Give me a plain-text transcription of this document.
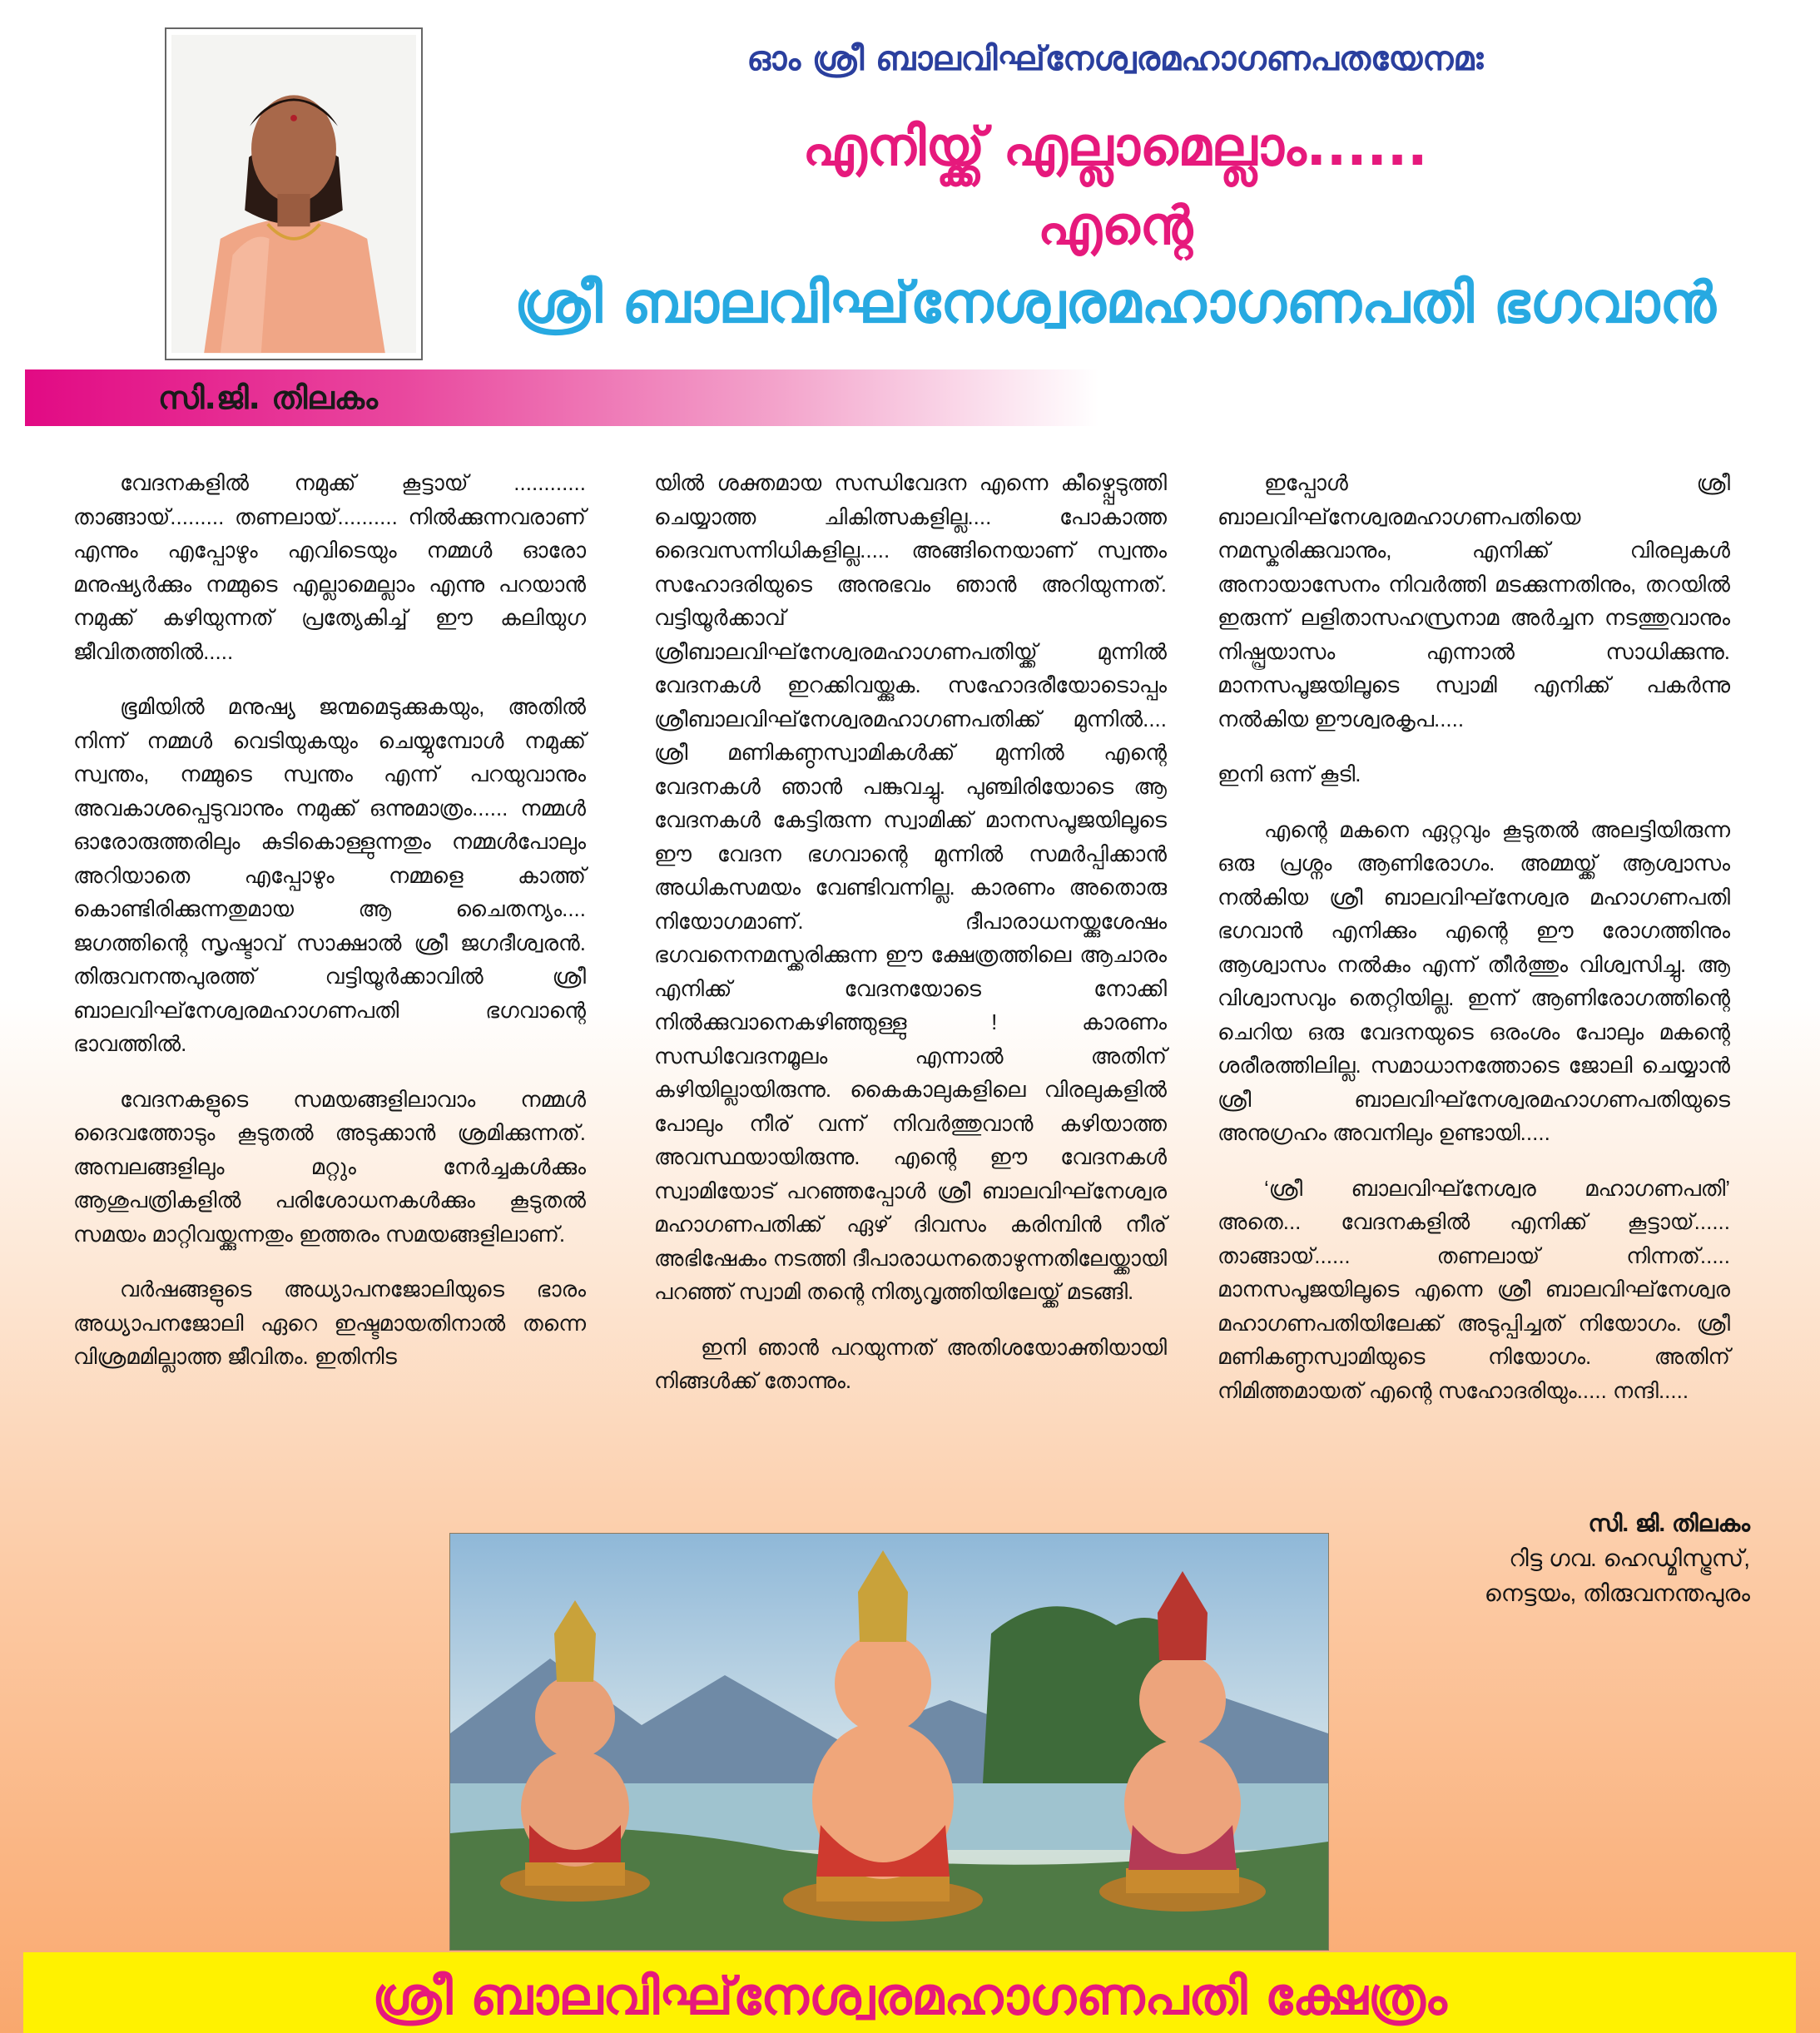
ഓം ശ്രീ ബാലവിഘ്‌നേശ്വരമഹാഗണപതയേനമഃ

എനിയ്ക്ക് എല്ലാമെല്ലാം......

എന്റെ

ശ്രീ ബാലവിഘ്‌നേശ്വരമഹാഗണപതി ഭഗവാൻ

സി.ജി. തിലകം

വേദനകളിൽ നമുക്ക് കൂട്ടായ് ............ താങ്ങായ്......... തണലായ്.......... നിൽക്കുന്നവരാണ് എന്നും എപ്പോഴും എവിടെയും നമ്മൾ ഓരോ മനുഷ്യർക്കും നമ്മുടെ എല്ലാമെല്ലാം എന്നു പറയാൻ നമുക്ക് കഴിയുന്നത് പ്രത്യേകിച്ച് ഈ കലിയുഗ ജീവിതത്തിൽ.....

ഭൂമിയിൽ മനുഷ്യ ജന്മമെടുക്കുകയും, അതിൽ നിന്ന് നമ്മൾ വെടിയുകയും ചെയ്യുമ്പോൾ നമുക്ക് സ്വന്തം, നമ്മുടെ സ്വന്തം എന്ന് പറയുവാനും അവകാശപ്പെടുവാനും നമുക്ക് ഒന്നുമാത്രം...... നമ്മൾ ഓരോരുത്തരിലും കുടികൊള്ളുന്നതും നമ്മൾപോലും അറിയാതെ എപ്പോഴും നമ്മളെ കാത്ത് കൊണ്ടിരിക്കുന്നതുമായ ആ ചൈതന്യം.... ജഗത്തിന്റെ സൃഷ്ടാവ് സാക്ഷാൽ ശ്രീ ജഗദീശ്വരൻ. തിരുവനന്തപുരത്ത് വട്ടിയൂർക്കാവിൽ ശ്രീ ബാലവിഘ്‌നേശ്വരമഹാഗണപതി ഭഗവാന്റെ ഭാവത്തിൽ.

വേദനകളുടെ സമയങ്ങളിലാവാം നമ്മൾ ദൈവത്തോടും കൂടുതൽ അടുക്കാൻ ശ്രമിക്കുന്നത്. അമ്പലങ്ങളിലും മറ്റും നേർച്ചകൾക്കും ആശുപത്രികളിൽ പരിശോധനകൾക്കും കൂടുതൽ സമയം മാറ്റിവയ്ക്കുന്നതും ഇത്തരം സമയങ്ങളിലാണ്.

വർഷങ്ങളുടെ അധ്യാപനജോലിയുടെ ഭാരം അധ്യാപനജോലി ഏറെ ഇഷ്ടമായതിനാൽ തന്നെ വിശ്രമമില്ലാത്ത ജീവിതം. ഇതിനിട

യിൽ ശക്തമായ സന്ധിവേദന എന്നെ കീഴ്പ്പെടുത്തി ചെയ്യാത്ത ചികിത്സകളില്ല.... പോകാത്ത ദൈവസന്നിധികളില്ല..... അങ്ങിനെയാണ് സ്വന്തം സഹോദരിയുടെ അനുഭവം ഞാൻ അറിയുന്നത്. വട്ടിയൂർക്കാവ് ശ്രീബാലവിഘ്‌നേശ്വരമഹാഗണപതിയ്ക്ക് മുന്നിൽ വേദനകൾ ഇറക്കിവയ്ക്കുക. സഹോദരീയോടൊപ്പം ശ്രീബാലവിഘ്‌നേശ്വരമഹാഗണപതിക്ക് മുന്നിൽ.... ശ്രീ മണികണ്ഠസ്വാമികൾക്ക് മുന്നിൽ എന്റെ വേദനകൾ ഞാൻ പങ്കുവച്ചു. പുഞ്ചിരിയോടെ ആ വേദനകൾ കേട്ടിരുന്ന സ്വാമിക്ക് മാനസപൂജയിലൂടെ ഈ വേദന ഭഗവാന്റെ മുന്നിൽ സമർപ്പിക്കാൻ അധികസമയം വേണ്ടിവന്നില്ല. കാരണം അതൊരു നിയോഗമാണ്. ദീപാരാധനയ്ക്കുശേഷം ഭഗവനെനമസ്ക്കരിക്കുന്ന ഈ ക്ഷേത്രത്തിലെ ആചാരം എനിക്ക് വേദനയോടെ നോക്കി നിൽക്കുവാനെകഴിഞ്ഞുള്ളു ! കാരണം സന്ധിവേദനമൂലം എന്നാൽ അതിന് കഴിയില്ലായിരുന്നു. കൈകാലുകളിലെ വിരലുകളിൽ പോലും നീര് വന്ന് നിവർത്തുവാൻ കഴിയാത്ത അവസ്ഥയായിരുന്നു. എന്റെ ഈ വേദനകൾ സ്വാമിയോട് പറഞ്ഞപ്പോൾ ശ്രീ ബാലവിഘ്‌നേശ്വര മഹാഗണപതിക്ക് ഏഴ് ദിവസം കരിമ്പിൻ നീര് അഭിഷേകം നടത്തി ദീപാരാധനതൊഴുന്നതിലേയ്ക്കായി പറഞ്ഞ് സ്വാമി തന്റെ നിത്യവൃത്തിയിലേയ്ക്ക് മടങ്ങി.

ഇനി ഞാൻ പറയുന്നത് അതിശയോക്തിയായി നിങ്ങൾക്ക് തോന്നും.

ഇപ്പോൾ ശ്രീ ബാലവിഘ്‌നേശ്വരമഹാഗണപതിയെ നമസ്കരിക്കുവാനും, എനിക്ക് വിരലുകൾ അനായാസേനം നിവർത്തി മടക്കുന്നതിനും, തറയിൽ ഇരുന്ന് ലളിതാസഹസ്രനാമ അർച്ചന നടത്തുവാനും നിഷ്പ്രയാസം എന്നാൽ സാധിക്കുന്നു. മാനസപൂജയിലൂടെ സ്വാമി എനിക്ക് പകർന്നു നൽകിയ ഈശ്വരകൃപ.....

ഇനി ഒന്ന് കൂടി.

എന്റെ മകനെ ഏറ്റവും കൂടുതൽ അലട്ടിയിരുന്ന ഒരു പ്രശ്നം ആണിരോഗം. അമ്മയ്ക്ക് ആശ്വാസം നൽകിയ ശ്രീ ബാലവിഘ്‌നേശ്വര മഹാഗണപതി ഭഗവാൻ എനിക്കും എന്റെ ഈ രോഗത്തിനും ആശ്വാസം നൽകും എന്ന് തീർത്തും വിശ്വസിച്ചു. ആ വിശ്വാസവും തെറ്റിയില്ല. ഇന്ന് ആണിരോഗത്തിന്റെ ചെറിയ ഒരു വേദനയുടെ ഒരംശം പോലും മകന്റെ ശരീരത്തിലില്ല. സമാധാനത്തോടെ ജോലി ചെയ്യാൻ ശ്രീ ബാലവിഘ്‌നേശ്വരമഹാഗണപതിയുടെ അനുഗ്രഹം അവനിലും ഉണ്ടായി.....

‘ശ്രീ ബാലവിഘ്‌നേശ്വര മഹാഗണപതി’ അതെ... വേദനകളിൽ എനിക്ക് കൂട്ടായ്...... താങ്ങായ്...... തണലായ് നിന്നത്..... മാനസപൂജയിലൂടെ എന്നെ ശ്രീ ബാലവിഘ്‌നേശ്വര മഹാഗണപതിയിലേക്ക് അടുപ്പിച്ചത് നിയോഗം. ശ്രീ മണികണ്ഠസ്വാമിയുടെ നിയോഗം. അതിന് നിമിത്തമായത് എന്റെ സഹോദരിയും..... നന്ദി.....

സി. ജി. തിലകം
റിട്ട ഗവ. ഹെഡ്മിസ്ട്രസ്,
നെട്ടയം, തിരുവനന്തപുരം
ശ്രീ ബാലവിഘ്‌നേശ്വരമഹാഗണപതി ക്ഷേത്രം
